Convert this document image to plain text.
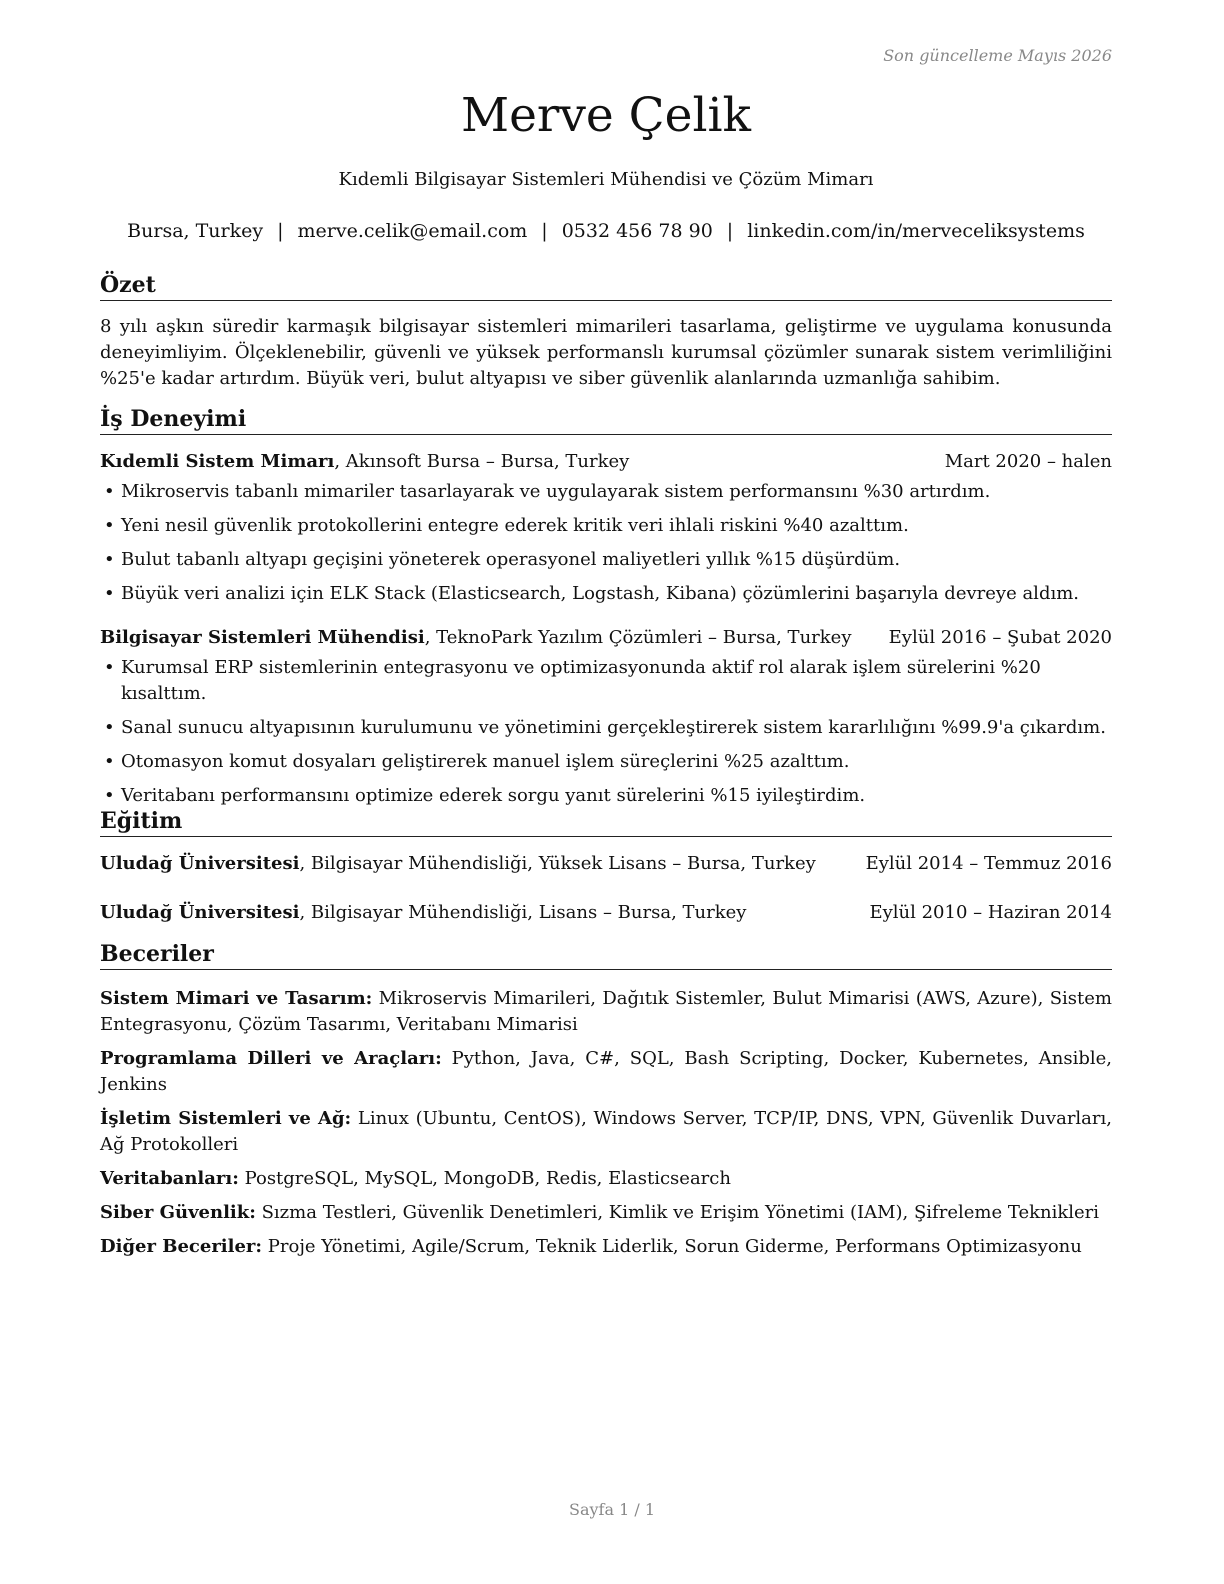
Son güncelleme Mayıs 2026
Merve Çelik
Kıdemli Bilgisayar Sistemleri Mühendisi ve Çözüm Mimarı
Bursa, Turkey | merve.celik@email.com | 0532 456 78 90 | linkedin.com/in/merveceliksystems
Özet
8 yılı aşkın süredir karmaşık bilgisayar sistemleri mimarileri tasarlama, geliştirme ve uygulama konusunda deneyimliyim. Ölçeklenebilir, güvenli ve yüksek performanslı kurumsal çözümler sunarak sistem verimliliğini %25'e kadar artırdım. Büyük veri, bulut altyapısı ve siber güvenlik alanlarında uzmanlığa sahibim.
İş Deneyimi
Kıdemli Sistem Mimarı, Akınsoft Bursa – Bursa, Turkey	Mart 2020 – halen
• Mikroservis tabanlı mimariler tasarlayarak ve uygulayarak sistem performansını %30 artırdım.
• Yeni nesil güvenlik protokollerini entegre ederek kritik veri ihlali riskini %40 azalttım.
• Bulut tabanlı altyapı geçişini yöneterek operasyonel maliyetleri yıllık %15 düşürdüm.
• Büyük veri analizi için ELK Stack (Elasticsearch, Logstash, Kibana) çözümlerini başarıyla devreye aldım.
Bilgisayar Sistemleri Mühendisi, TeknoPark Yazılım Çözümleri – Bursa, Turkey Eylül 2016 – Şubat 2020
• Kurumsal ERP sistemlerinin entegrasyonu ve optimizasyonunda aktif rol alarak işlem sürelerini %20 kısalttım.
• Sanal sunucu altyapısının kurulumunu ve yönetimini gerçekleştirerek sistem kararlılığını %99.9'a çıkardım.
• Otomasyon komut dosyaları geliştirerek manuel işlem süreçlerini %25 azalttım.
• Veritabanı performansını optimize ederek sorgu yanıt sürelerini %15 iyileştirdim.
Eğitim
Uludağ Üniversitesi, Bilgisayar Mühendisliği, Yüksek Lisans – Bursa, Turkey	Eylül 2014 – Temmuz 2016
Uludağ Üniversitesi, Bilgisayar Mühendisliği, Lisans – Bursa, Turkey	Eylül 2010 – Haziran 2014
Beceriler
Sistem Mimari ve Tasarım: Mikroservis Mimarileri, Dağıtık Sistemler, Bulut Mimarisi (AWS, Azure), Sistem Entegrasyonu, Çözüm Tasarımı, Veritabanı Mimarisi
Programlama Dilleri ve Araçları: Python, Java, C#, SQL, Bash Scripting, Docker, Kubernetes, Ansible, Jenkins
İşletim Sistemleri ve Ağ: Linux (Ubuntu, CentOS), Windows Server, TCP/IP, DNS, VPN, Güvenlik Duvarları, Ağ Protokolleri
Veritabanları: PostgreSQL, MySQL, MongoDB, Redis, Elasticsearch
Siber Güvenlik: Sızma Testleri, Güvenlik Denetimleri, Kimlik ve Erişim Yönetimi (IAM), Şifreleme Teknikleri
Diğer Beceriler: Proje Yönetimi, Agile/Scrum, Teknik Liderlik, Sorun Giderme, Performans Optimizasyonu
Sayfa 1 / 1
